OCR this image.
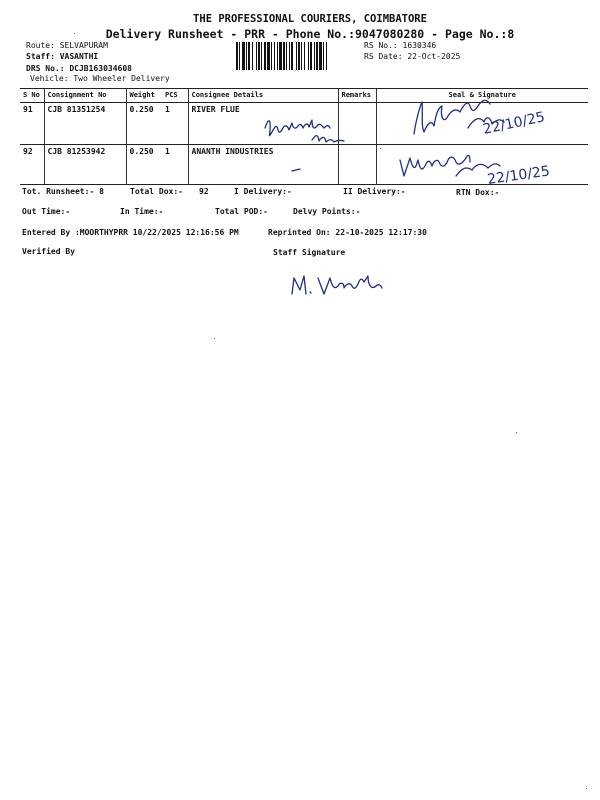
THE PROFESSIONAL COURIERS, COIMBATORE
Delivery Runsheet - PRR - Phone No.:9047080280 - Page No.:8
Route: SELVAPURAM
Staff: VASANTHI
DRS No.: DCJB163034608
Vehicle: Two Wheeler Delivery
RS No.: 1630346
RS Date: 22-Oct-2025
S No	Consignment No	Weight	PCS	Consignee Details	Remarks	Seal & Signature
91	CJB 81351254	0.250	1	RIVER FLUE		
92	CJB 81253942	0.250	1	ANANTH INDUSTRIES		
22/10/25
22/10/25
Tot. Runsheet:- 8	Total Dox:- 92	I Delivery:-	II Delivery:-	RTN Dox:-
Out Time:-	In Time:-	Total POD:-	Delvy Points:-
Entered By :MOORTHYPRR 10/22/2025 12:16:56 PM	Reprinted On: 22-10-2025 12:17:30
Verified By	Staff Signature
